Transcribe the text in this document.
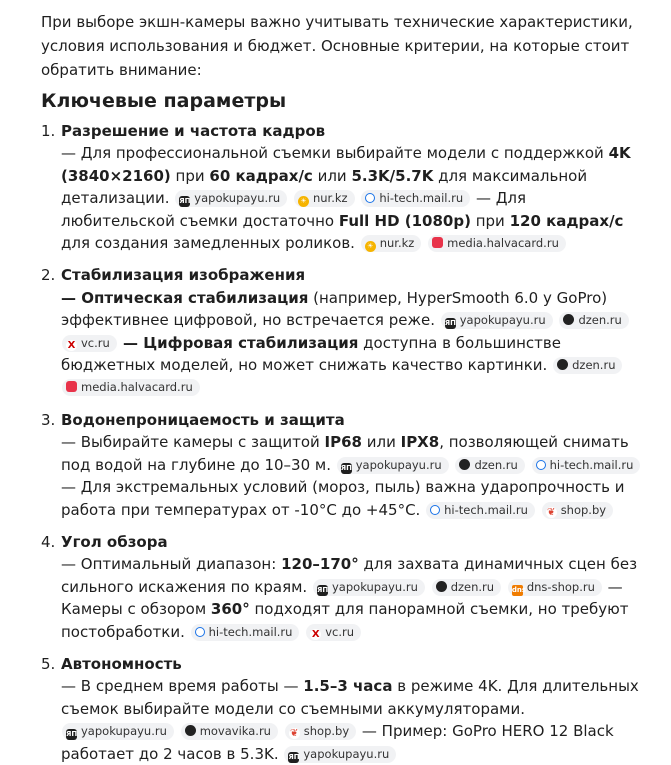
При выборе экшн-камеры важно учитывать технические характеристики, условия использования и бюджет. Основные критерии, на которые стоит обратить внимание:

Ключевые параметры
1. Разрешение и частота кадров
— Для профессиональной съемки выбирайте модели с поддержкой 4K (3840×2160) при 60 кадрах/с или 5.3K/5.7K для максимальной детализации. ЯП yapokupayu.ru	☀ nur.kz	hi-tech.mail.ru — Для любительской съемки достаточно Full HD (1080p) при 120 кадрах/с для создания замедленных роликов. ☀ nur.kz	media.halvacard.ru
2. Стабилизация изображения
— Оптическая стабилизация (например, HyperSmooth 6.0 у GoPro) эффективнее цифровой, но встречается реже. ЯП yapokupayu.ru	dzen.ru X vc.ru — Цифровая стабилизация доступна в большинстве бюджетных моделей, но может снижать качество картинки. dzen.ru media.halvacard.ru
3. Водонепроницаемость и защита
— Выбирайте камеры с защитой IP68 или IPX8, позволяющей снимать под водой на глубине до 10–30 м. ЯП yapokupayu.ru	dzen.ru	hi-tech.mail.ru — Для экстремальных условий (мороз, пыль) важна ударопрочность и работа при температурах от -10°C до +45°C. hi-tech.mail.ru ❦ shop.by
4. Угол обзора
— Оптимальный диапазон: 120–170° для захвата динамичных сцен без сильного искажения по краям. ЯП yapokupayu.ru	dzen.ru	dnsdns-shop.ru — Камеры с обзором 360° подходят для панорамной съемки, но требуют постобработки. hi-tech.mail.ru X vc.ru
5. Автономность
— В среднем время работы — 1.5–3 часа в режиме 4K. Для длительных съемок выбирайте модели со съемными аккумуляторами. ЯП yapokupayu.ru	movavika.ru ❦ shop.by — Пример: GoPro HERO 12 Black работает до 2 часов в 5.3K. ЯП yapokupayu.ru
